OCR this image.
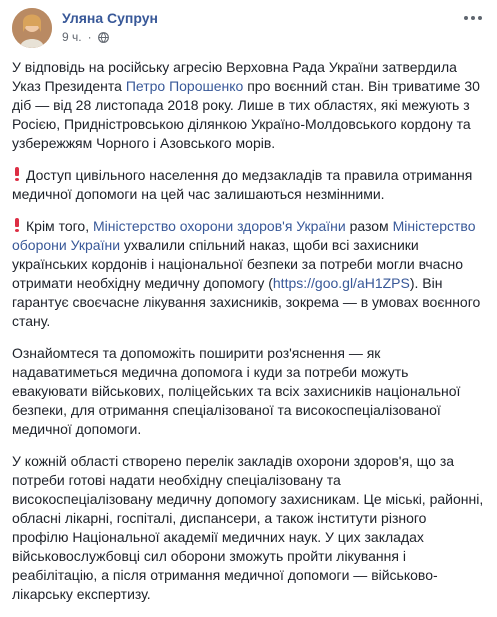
Уляна Супрун
9 ч. ·

У відповідь на російську агресію Верховна Рада України затвердила Указ Президента Петро Порошенко про воєнний стан. Він триватиме 30 діб — від 28 листопада 2018 року. Лише в тих областях, які межують з Росією, Придністровською ділянкою Україно-Молдовського кордону та узбережжям Чорного і Азовського морів.

Доступ цивільного населення до медзакладів та правила отримання медичної допомоги на цей час залишаються незмінними.

Крім того, Міністерство охорони здоров'я України разом Міністерство оборони України ухвалили спільний наказ, щоби всі захисники українських кордонів і національної безпеки за потреби могли вчасно отримати необхідну медичну допомогу (https://goo.gl/aH1ZPS). Він гарантує своєчасне лікування захисників, зокрема — в умовах воєнного стану.

Ознайомтеся та допоможіть поширити роз'яснення — як надаватиметься медична допомога і куди за потреби можуть евакуювати військових, поліцейських та всіх захисників національної безпеки, для отримання спеціалізованої та високоспеціалізованої медичної допомоги.

У кожній області створено перелік закладів охорони здоров'я, що за потреби готові надати необхідну спеціалізовану та високоспеціалізовану медичну допомогу захисникам. Це міські, районні, обласні лікарні, госпіталі, диспансери, а також інститути різного профілю Національної академії медичних наук. У цих закладах військовослужбовці сил оборони зможуть пройти лікування і реабілітацію, а після отримання медичної допомоги — військово-лікарську експертизу.
